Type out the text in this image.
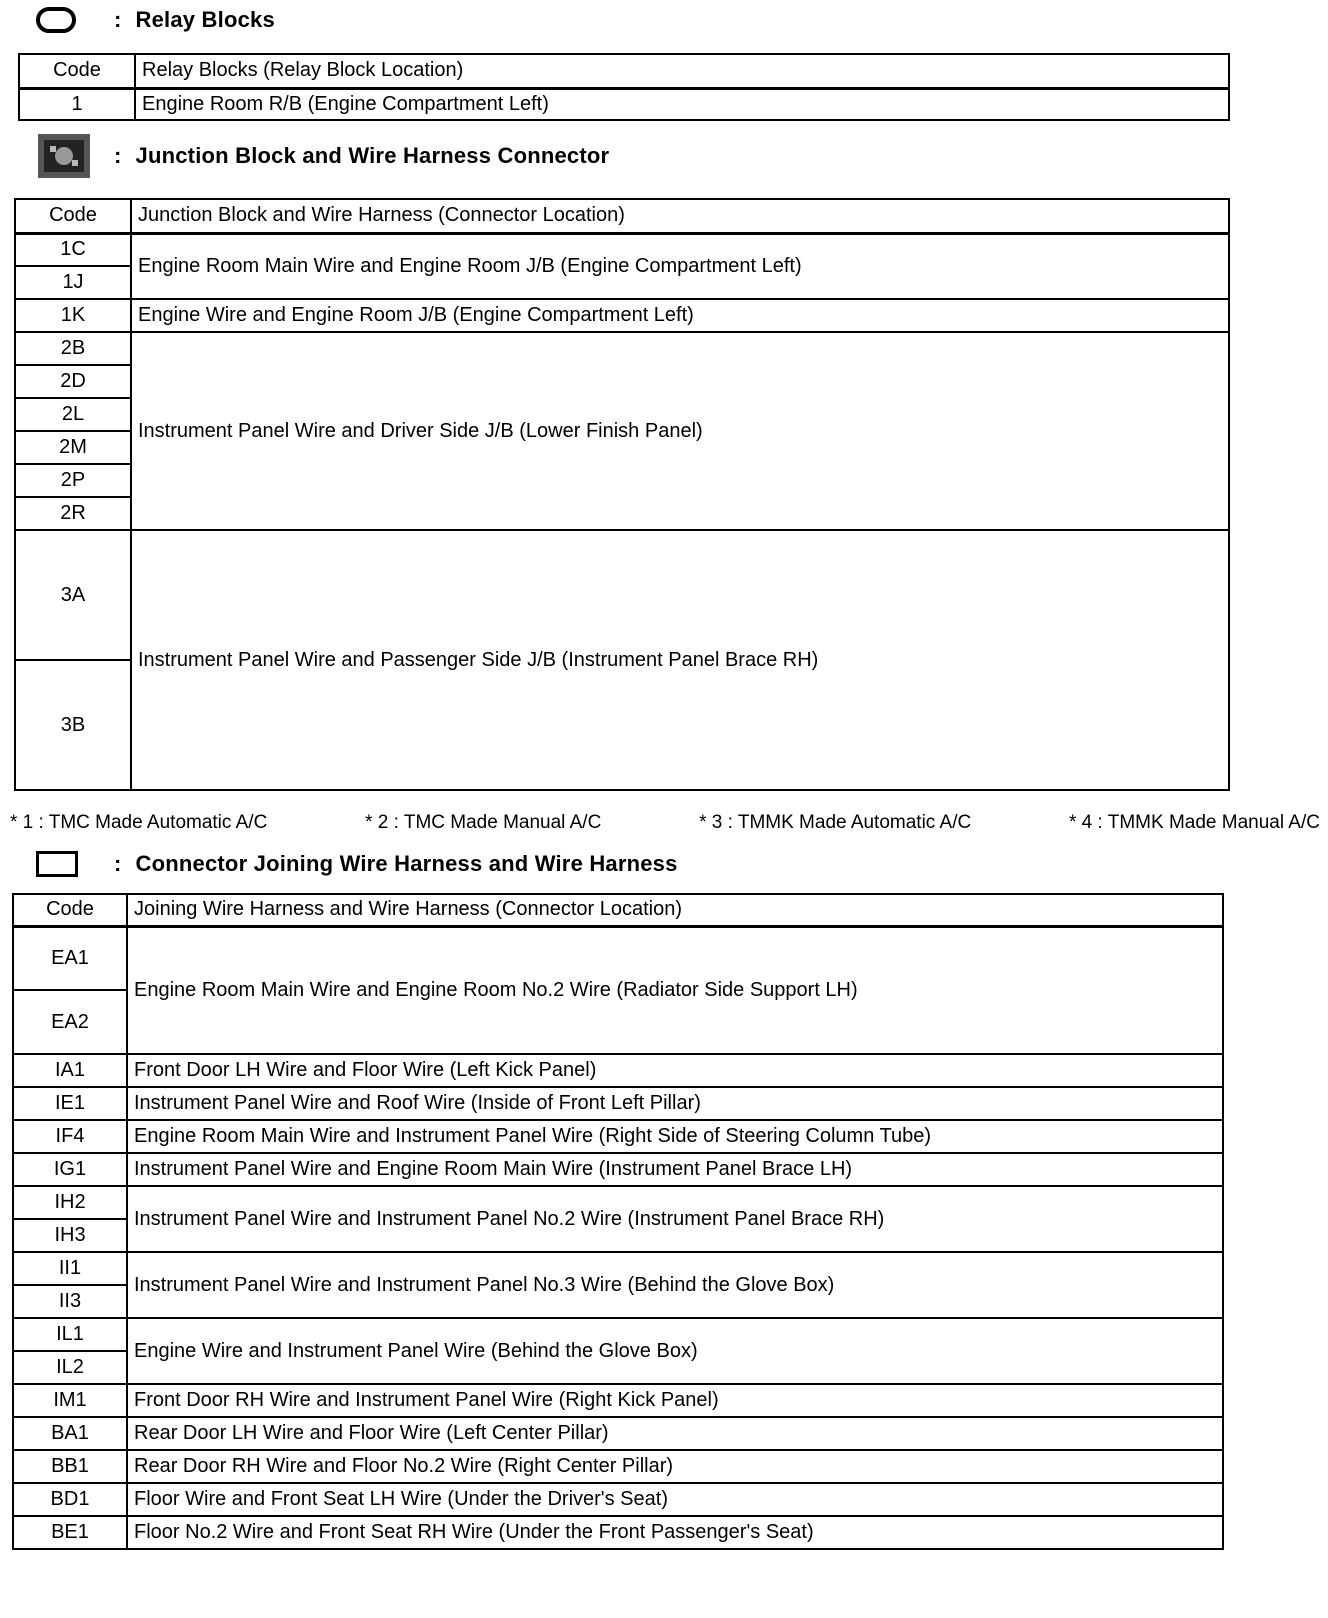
: Relay Blocks
Code	Relay Blocks (Relay Block Location)
1	Engine Room R/B (Engine Compartment Left)
: Junction Block and Wire Harness Connector
Code	Junction Block and Wire Harness (Connector Location)
1C	Engine Room Main Wire and Engine Room J/B (Engine Compartment Left)
1J	
1K	Engine Wire and Engine Room J/B (Engine Compartment Left)
2B	Instrument Panel Wire and Driver Side J/B (Lower Finish Panel)
2D	
2L	
2M	
2P	
2R	
3A	Instrument Panel Wire and Passenger Side J/B (Instrument Panel Brace RH)
3B	
* 1 : TMC Made Automatic A/C	* 2 : TMC Made Manual A/C	* 3 : TMMK Made Automatic A/C	* 4 : TMMK Made Manual A/C
: Connector Joining Wire Harness and Wire Harness
Code	Joining Wire Harness and Wire Harness (Connector Location)
EA1	Engine Room Main Wire and Engine Room No.2 Wire (Radiator Side Support LH)
EA2	
IA1	Front Door LH Wire and Floor Wire (Left Kick Panel)
IE1	Instrument Panel Wire and Roof Wire (Inside of Front Left Pillar)
IF4	Engine Room Main Wire and Instrument Panel Wire (Right Side of Steering Column Tube)
IG1	Instrument Panel Wire and Engine Room Main Wire (Instrument Panel Brace LH)
IH2	Instrument Panel Wire and Instrument Panel No.2 Wire (Instrument Panel Brace RH)
IH3	
II1	Instrument Panel Wire and Instrument Panel No.3 Wire (Behind the Glove Box)
II3	
IL1	Engine Wire and Instrument Panel Wire (Behind the Glove Box)
IL2	
IM1	Front Door RH Wire and Instrument Panel Wire (Right Kick Panel)
BA1	Rear Door LH Wire and Floor Wire (Left Center Pillar)
BB1	Rear Door RH Wire and Floor No.2 Wire (Right Center Pillar)
BD1	Floor Wire and Front Seat LH Wire (Under the Driver's Seat)
BE1	Floor No.2 Wire and Front Seat RH Wire (Under the Front Passenger's Seat)
